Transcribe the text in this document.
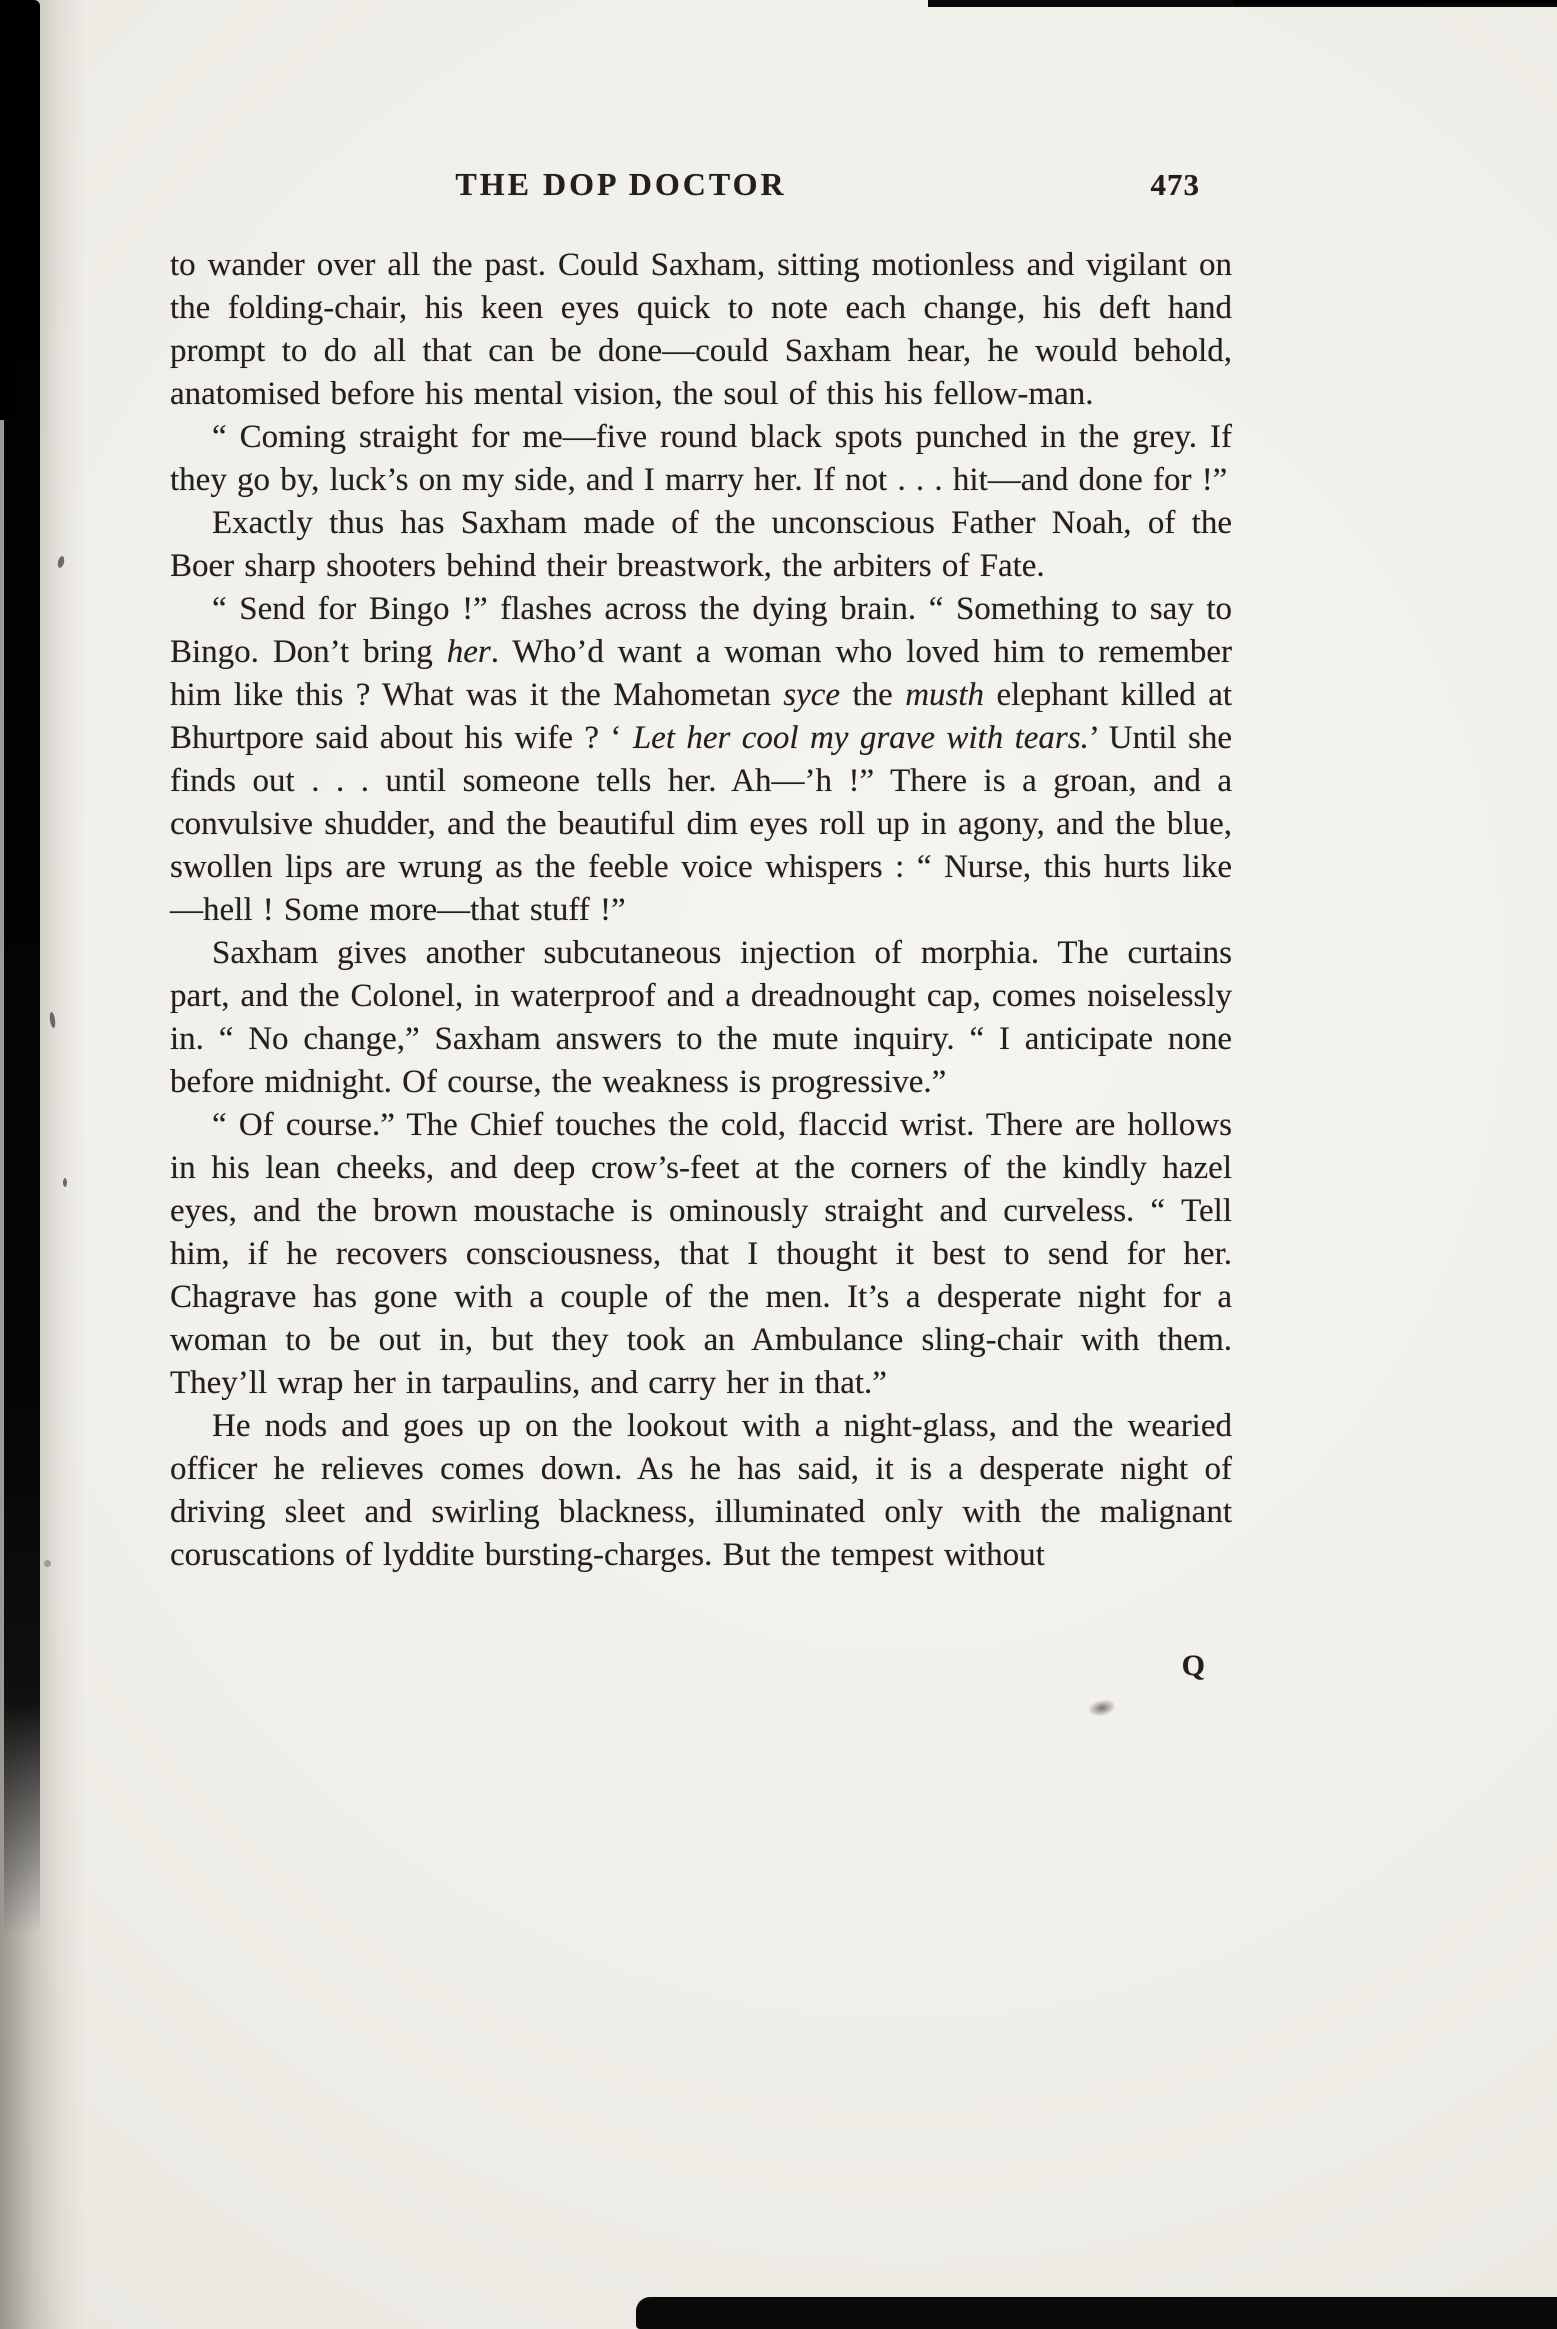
THE DOP DOCTOR	473

to wander over all the past. Could Saxham, sitting motionless and vigilant on the folding-chair, his keen eyes quick to note each change, his deft hand prompt to do all that can be done—could Saxham hear, he would behold, anatomised before his mental vision, the soul of this his fellow-man.

“ Coming straight for me—five round black spots punched in the grey. If they go by, luck’s on my side, and I marry her. If not . . . hit—and done for !”

Exactly thus has Saxham made of the unconscious Father Noah, of the Boer sharp shooters behind their breastwork, the arbiters of Fate.

“ Send for Bingo !” flashes across the dying brain. “ Something to say to Bingo. Don’t bring her. Who’d want a woman who loved him to remember him like this ? What was it the Mahometan syce the musth elephant killed at Bhurtpore said about his wife ? ‘ Let her cool my grave with tears.’ Until she finds out . . . until someone tells her. Ah—’h !” There is a groan, and a convulsive shudder, and the beautiful dim eyes roll up in agony, and the blue, swollen lips are wrung as the feeble voice whispers : “ Nurse, this hurts like—hell ! Some more—that stuff !”

Saxham gives another subcutaneous injection of morphia. The curtains part, and the Colonel, in waterproof and a dreadnought cap, comes noiselessly in. “ No change,” Saxham answers to the mute inquiry. “ I anticipate none before midnight. Of course, the weakness is progressive.”

“ Of course.” The Chief touches the cold, flaccid wrist. There are hollows in his lean cheeks, and deep crow’s-feet at the corners of the kindly hazel eyes, and the brown moustache is ominously straight and curveless. “ Tell him, if he recovers consciousness, that I thought it best to send for her. Chagrave has gone with a couple of the men. It’s a desperate night for a woman to be out in, but they took an Ambulance sling-chair with them. They’ll wrap her in tarpaulins, and carry her in that.”

He nods and goes up on the lookout with a night-glass, and the wearied officer he relieves comes down. As he has said, it is a desperate night of driving sleet and swirling blackness, illuminated only with the malignant coruscations of lyddite bursting-charges. But the tempest without

Q
